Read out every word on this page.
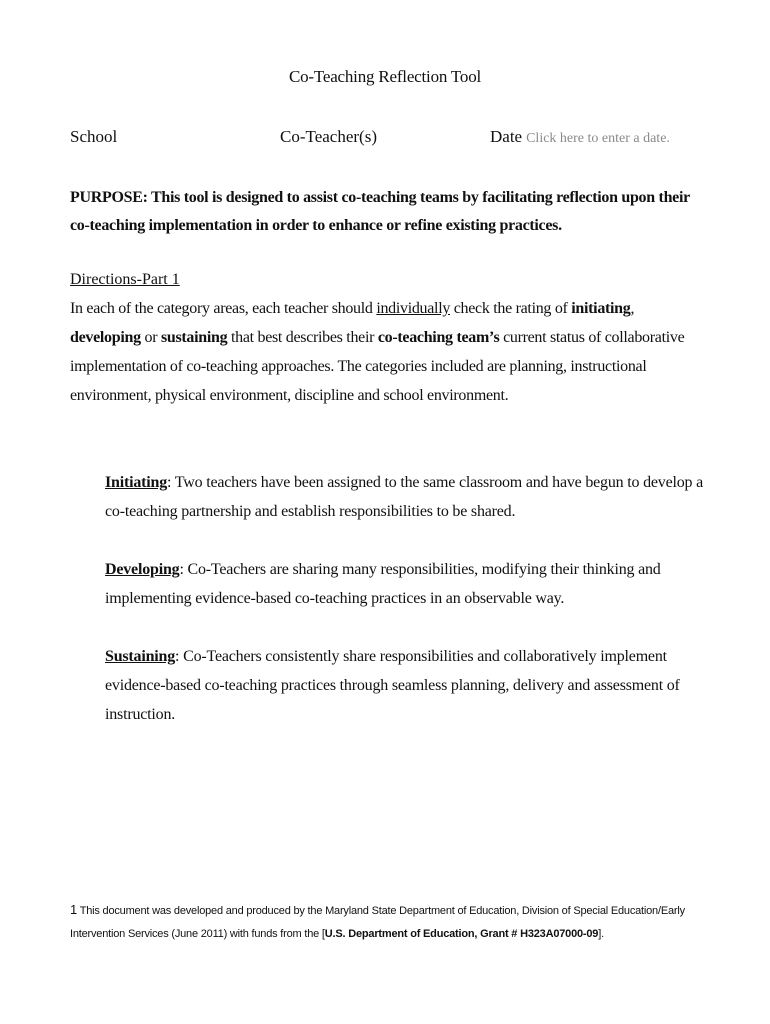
Co-Teaching Reflection Tool
School	Co-Teacher(s)	Date Click here to enter a date.
PURPOSE: This tool is designed to assist co-teaching teams by facilitating reflection upon their co-teaching implementation in order to enhance or refine existing practices.
Directions-Part 1
In each of the category areas, each teacher should individually check the rating of initiating, developing or sustaining that best describes their co-teaching team’s current status of collaborative implementation of co-teaching approaches. The categories included are planning, instructional environment, physical environment, discipline and school environment.
Initiating: Two teachers have been assigned to the same classroom and have begun to develop a co-teaching partnership and establish responsibilities to be shared.
Developing: Co-Teachers are sharing many responsibilities, modifying their thinking and implementing evidence-based co-teaching practices in an observable way.
Sustaining: Co-Teachers consistently share responsibilities and collaboratively implement evidence-based co-teaching practices through seamless planning, delivery and assessment of instruction.
1 This document was developed and produced by the Maryland State Department of Education, Division of Special Education/Early Intervention Services (June 2011) with funds from the [U.S. Department of Education, Grant # H323A07000-09].
